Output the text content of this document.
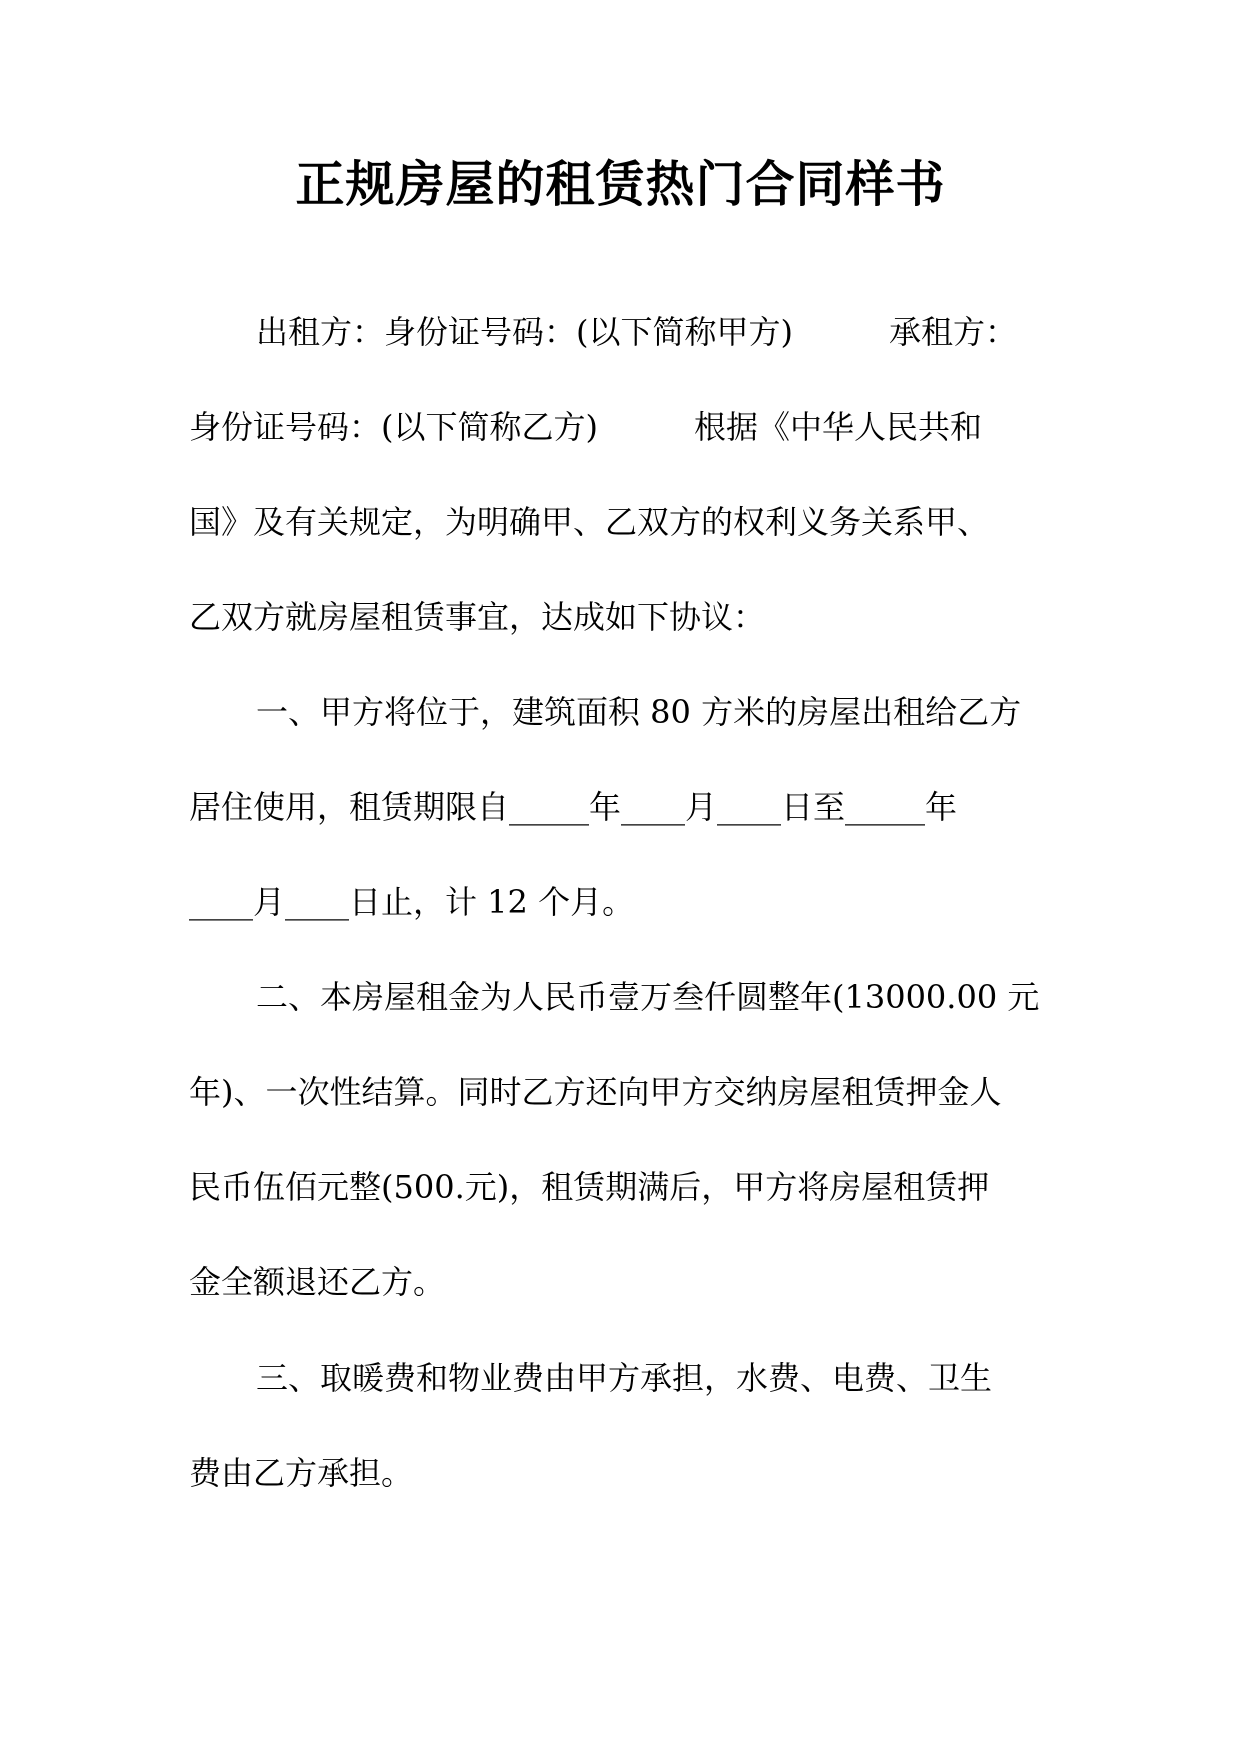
正规房屋的租赁热门合同样书

出租方：身份证号码：(以下简称甲方)　　　承租方：

身份证号码：(以下简称乙方)　　　根据《中华人民共和

国》及有关规定，为明确甲、乙双方的权利义务关系甲、

乙双方就房屋租赁事宜，达成如下协议：

一、甲方将位于，建筑面积 80 方米的房屋出租给乙方

居住使用，租赁期限自_____年____月____日至_____年

____月____日止，计 12 个月。

二、本房屋租金为人民币壹万叁仟圆整年(13000.00 元

年)、一次性结算。同时乙方还向甲方交纳房屋租赁押金人

民币伍佰元整(500.元)，租赁期满后，甲方将房屋租赁押

金全额退还乙方。

三、取暖费和物业费由甲方承担，水费、电费、卫生

费由乙方承担。
